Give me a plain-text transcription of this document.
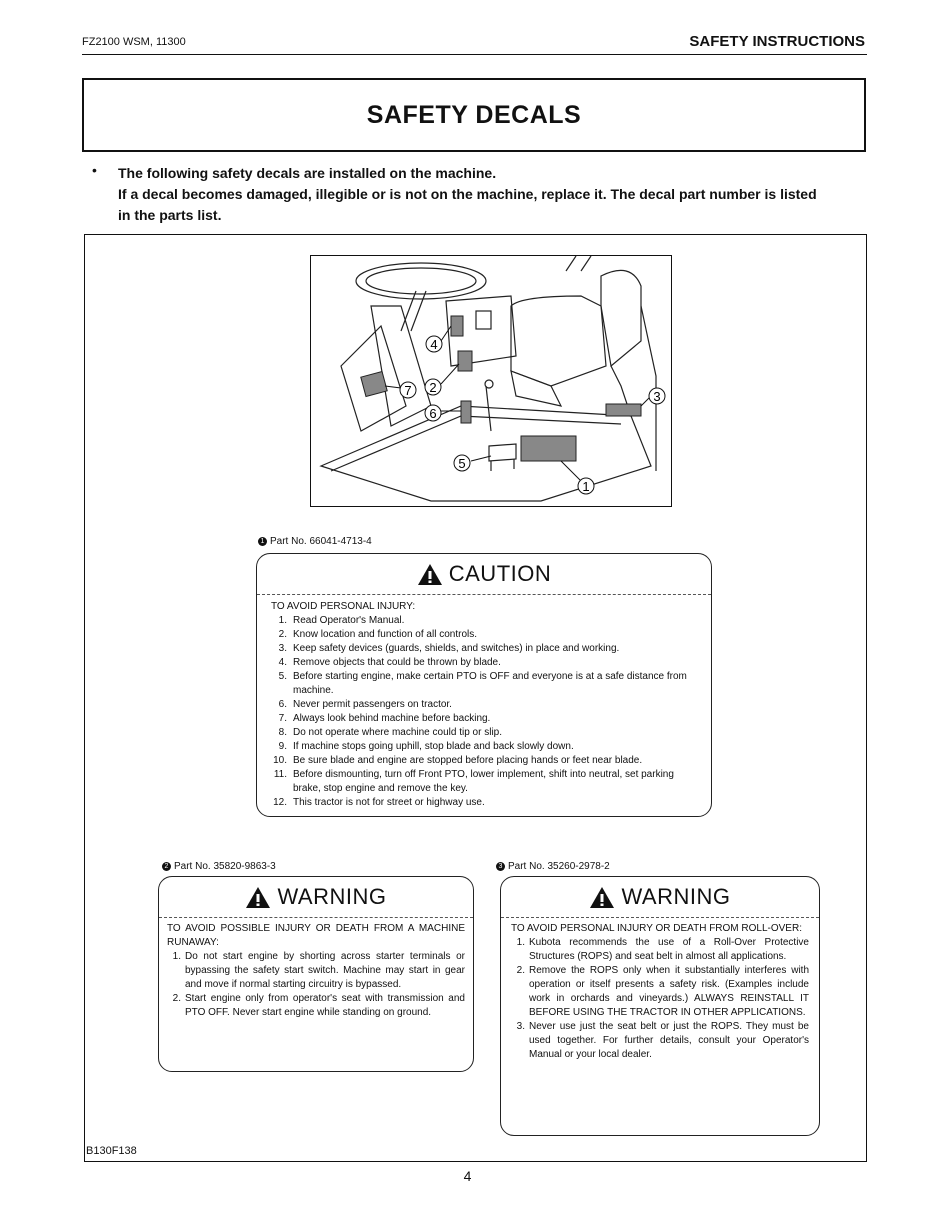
FZ2100 WSM, 11300	SAFETY INSTRUCTIONS
SAFETY DECALS
• The following safety decals are installed on the machine.
If a decal becomes damaged, illegible or is not on the machine, replace it. The decal part number is listed
in the parts list.
4
2
6
7
5
1
3
1 Part No. 66041-4713-4
CAUTION
TO AVOID PERSONAL INJURY:
1. Read Operator's Manual.
2. Know location and function of all controls.
3. Keep safety devices (guards, shields, and switches) in place and working.
4. Remove objects that could be thrown by blade.
5. Before starting engine, make certain PTO is OFF and everyone is at a safe distance from machine.
6. Never permit passengers on tractor.
7. Always look behind machine before backing.
8. Do not operate where machine could tip or slip.
9. If machine stops going uphill, stop blade and back slowly down.
10. Be sure blade and engine are stopped before placing hands or feet near blade.
11. Before dismounting, turn off Front PTO, lower implement, shift into neutral, set parking brake, stop engine and remove the key.
12. This tractor is not for street or highway use.
2 Part No. 35820-9863-3
WARNING
TO AVOID POSSIBLE INJURY OR DEATH FROM A MACHINE RUNAWAY:
1. Do not start engine by shorting across starter terminals or bypassing the safety start switch. Machine may start in gear and move if normal starting circuitry is bypassed.
2. Start engine only from operator's seat with transmission and PTO OFF. Never start engine while standing on ground.
3 Part No. 35260-2978-2
WARNING
TO AVOID PERSONAL INJURY OR DEATH FROM ROLL-OVER:
1. Kubota recommends the use of a Roll-Over Protective Structures (ROPS) and seat belt in almost all applications.
2. Remove the ROPS only when it substantially interferes with operation or itself presents a safety risk. (Examples include work in orchards and vineyards.) ALWAYS REINSTALL IT BEFORE USING THE TRACTOR IN OTHER APPLICATIONS.
3. Never use just the seat belt or just the ROPS. They must be used together. For further details, consult your Operator's Manual or your local dealer.
B130F138
4
